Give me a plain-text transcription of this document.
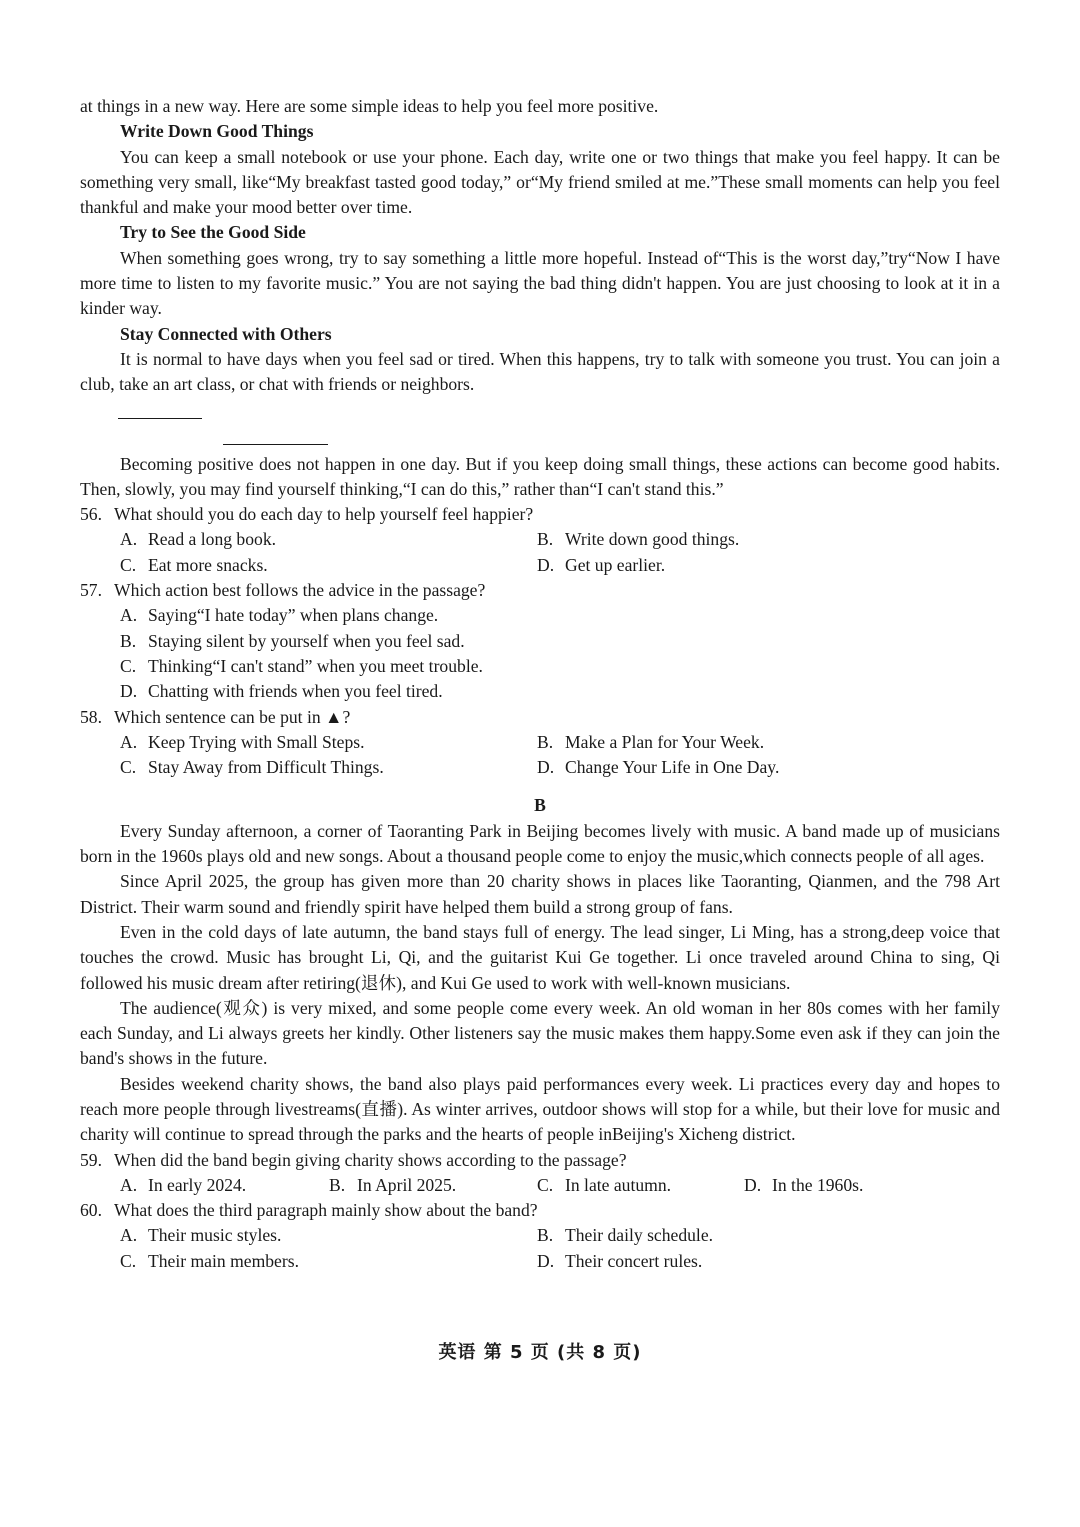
at things in a new way. Here are some simple ideas to help you feel more positive.

Write Down Good Things

You can keep a small notebook or use your phone. Each day, write one or two things that make you feel happy. It can be something very small, like“My breakfast tasted good today,” or“My friend smiled at me.”These small moments can help you feel thankful and make your mood better over time.

Try to See the Good Side

When something goes wrong, try to say something a little more hopeful. Instead of“This is the worst day,”try“Now I have more time to listen to my favorite music.” You are not saying the bad thing didn't happen. You are just choosing to look at it in a kinder way.

Stay Connected with Others

It is normal to have days when you feel sad or tired. When this happens, try to talk with someone you trust. You can join a club, take an art class, or chat with friends or neighbors.

Becoming positive does not happen in one day. But if you keep doing small things, these actions can become good habits. Then, slowly, you may find yourself thinking,“I can do this,” rather than“I can't stand this.”

56. What should you do each day to help yourself feel happier?

A. Read a long book.	B. Write down good things.
C. Eat more snacks.	D. Get up earlier.

57. Which action best follows the advice in the passage?

A. Saying“I hate today” when plans change.
B. Staying silent by yourself when you feel sad.
C. Thinking“I can't stand” when you meet trouble.
D. Chatting with friends when you feel tired.

58. Which sentence can be put in ▲?

A. Keep Trying with Small Steps.	B. Make a Plan for Your Week.
C. Stay Away from Difficult Things.	D. Change Your Life in One Day.

B

Every Sunday afternoon, a corner of Taoranting Park in Beijing becomes lively with music. A band made up of musicians born in the 1960s plays old and new songs. About a thousand people come to enjoy the music,which connects people of all ages.

Since April 2025, the group has given more than 20 charity shows in places like Taoranting, Qianmen, and the 798 Art District. Their warm sound and friendly spirit have helped them build a strong group of fans.

Even in the cold days of late autumn, the band stays full of energy. The lead singer, Li Ming, has a strong,deep voice that touches the crowd. Music has brought Li, Qi, and the guitarist Kui Ge together. Li once traveled around China to sing, Qi followed his music dream after retiring(退休), and Kui Ge used to work with well-known musicians.

The audience(观众) is very mixed, and some people come every week. An old woman in her 80s comes with her family each Sunday, and Li always greets her kindly. Other listeners say the music makes them happy.Some even ask if they can join the band's shows in the future.

Besides weekend charity shows, the band also plays paid performances every week. Li practices every day and hopes to reach more people through livestreams(直播). As winter arrives, outdoor shows will stop for a while, but their love for music and charity will continue to spread through the parks and the hearts of people inBeijing's Xicheng district.

59. When did the band begin giving charity shows according to the passage?

A. In early 2024.	B. In April 2025.	C. In late autumn.	D. In the 1960s.

60. What does the third paragraph mainly show about the band?

A. Their music styles.	B. Their daily schedule.
C. Their main members.	D. Their concert rules.
英语 第 5 页 (共 8 页)
